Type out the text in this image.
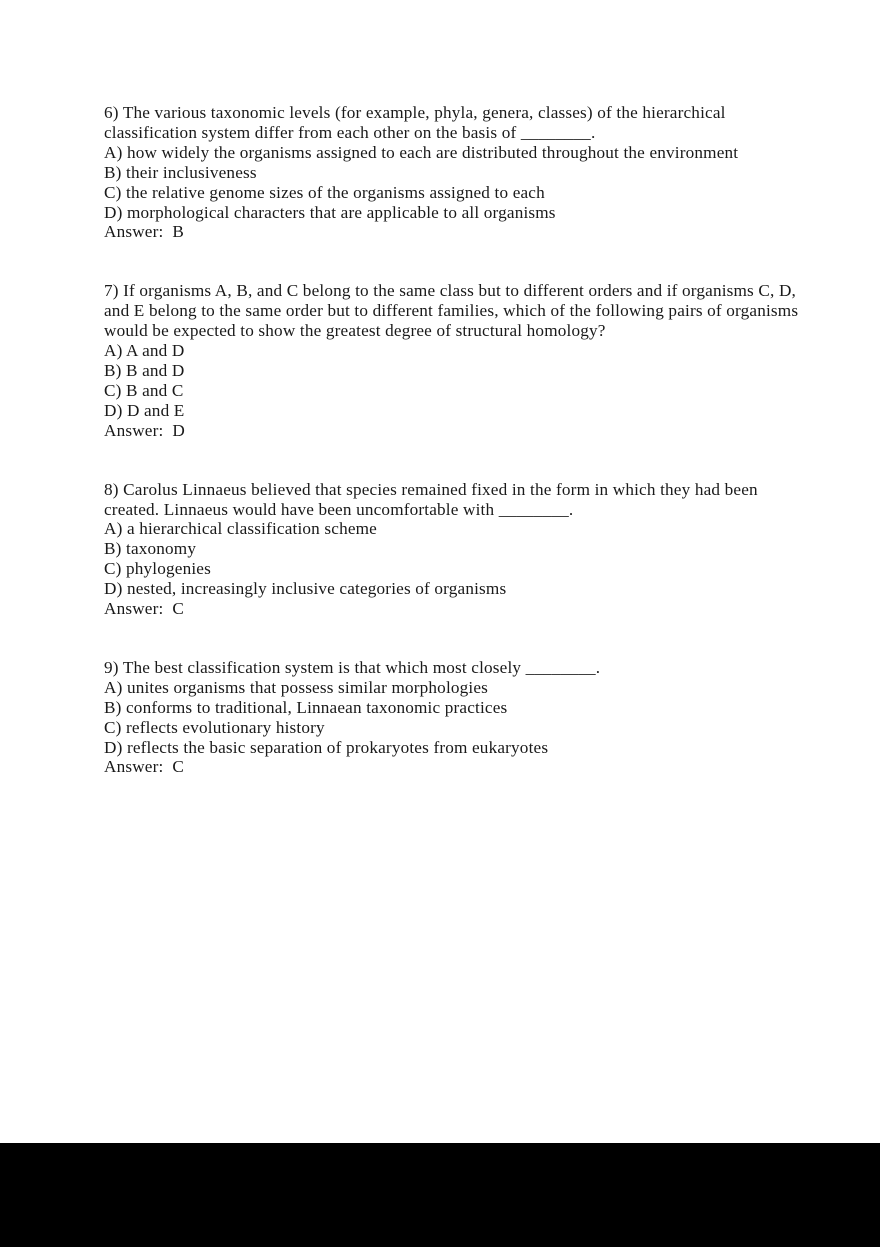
6) The various taxonomic levels (for example, phyla, genera, classes) of the hierarchical classification system differ from each other on the basis of ________.
A) how widely the organisms assigned to each are distributed throughout the environment
B) their inclusiveness
C) the relative genome sizes of the organisms assigned to each
D) morphological characters that are applicable to all organisms
Answer:  B
7) If organisms A, B, and C belong to the same class but to different orders and if organisms C, D, and E belong to the same order but to different families, which of the following pairs of organisms would be expected to show the greatest degree of structural homology?
A) A and D
B) B and D
C) B and C
D) D and E
Answer:  D
8) Carolus Linnaeus believed that species remained fixed in the form in which they had been created. Linnaeus would have been uncomfortable with ________.
A) a hierarchical classification scheme
B) taxonomy
C) phylogenies
D) nested, increasingly inclusive categories of organisms
Answer:  C
9) The best classification system is that which most closely ________.
A) unites organisms that possess similar morphologies
B) conforms to traditional, Linnaean taxonomic practices
C) reflects evolutionary history
D) reflects the basic separation of prokaryotes from eukaryotes
Answer:  C
